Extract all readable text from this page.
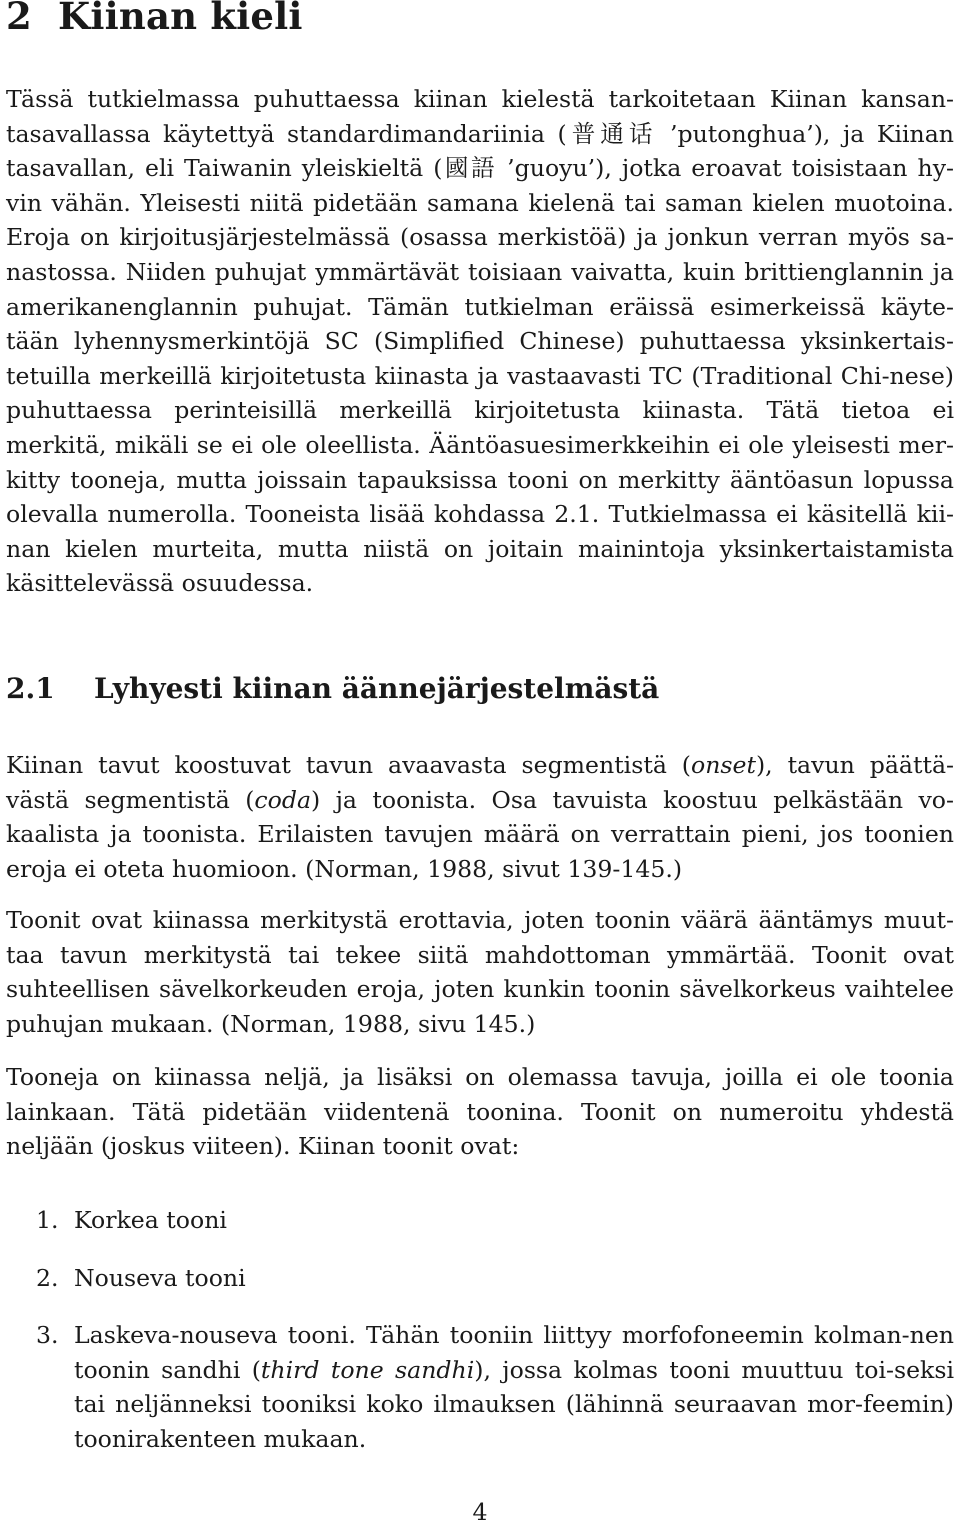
2 Kiinan kieli

Tässä tutkielmassa puhuttaessa kiinan kielestä tarkoitetaan Kiinan kansan-tasavallassa käytettyä standardimandariinia (普通话 ’putonghua’), ja Kiinan tasavallan, eli Taiwanin yleiskieltä (國語 ’guoyu’), jotka eroavat toisistaan hy-vin vähän. Yleisesti niitä pidetään samana kielenä tai saman kielen muotoina. Eroja on kirjoitusjärjestelmässä (osassa merkistöä) ja jonkun verran myös sa-nastossa. Niiden puhujat ymmärtävät toisiaan vaivatta, kuin brittienglannin ja amerikanenglannin puhujat. Tämän tutkielman eräissä esimerkeissä käyte-tään lyhennysmerkintöjä SC (Simplified Chinese) puhuttaessa yksinkertais-tetuilla merkeillä kirjoitetusta kiinasta ja vastaavasti TC (Traditional Chi-nese) puhuttaessa perinteisillä merkeillä kirjoitetusta kiinasta. Tätä tietoa ei merkitä, mikäli se ei ole oleellista. Ääntöasuesimerkkeihin ei ole yleisesti mer-kitty tooneja, mutta joissain tapauksissa tooni on merkitty ääntöasun lopussa olevalla numerolla. Tooneista lisää kohdassa 2.1. Tutkielmassa ei käsitellä kii-nan kielen murteita, mutta niistä on joitain mainintoja yksinkertaistamista käsittelevässä osuudessa.

2.1 Lyhyesti kiinan äännejärjestelmästä

Kiinan tavut koostuvat tavun avaavasta segmentistä (onset), tavun päättä-västä segmentistä (coda) ja toonista. Osa tavuista koostuu pelkästään vo-kaalista ja toonista. Erilaisten tavujen määrä on verrattain pieni, jos toonien eroja ei oteta huomioon. (Norman, 1988, sivut 139-145.)

Toonit ovat kiinassa merkitystä erottavia, joten toonin väärä ääntämys muut-taa tavun merkitystä tai tekee siitä mahdottoman ymmärtää. Toonit ovat suhteellisen sävelkorkeuden eroja, joten kunkin toonin sävelkorkeus vaihtelee puhujan mukaan. (Norman, 1988, sivu 145.)

Tooneja on kiinassa neljä, ja lisäksi on olemassa tavuja, joilla ei ole toonia lainkaan. Tätä pidetään viidentenä toonina. Toonit on numeroitu yhdestä neljään (joskus viiteen). Kiinan toonit ovat:

1. Korkea tooni
2. Nouseva tooni
3. Laskeva-nouseva tooni. Tähän tooniin liittyy morfofoneemin kolman-nen toonin sandhi (third tone sandhi), jossa kolmas tooni muuttuu toi-seksi tai neljänneksi tooniksi koko ilmauksen (lähinnä seuraavan mor-feemin) toonirakenteen mukaan.
4
